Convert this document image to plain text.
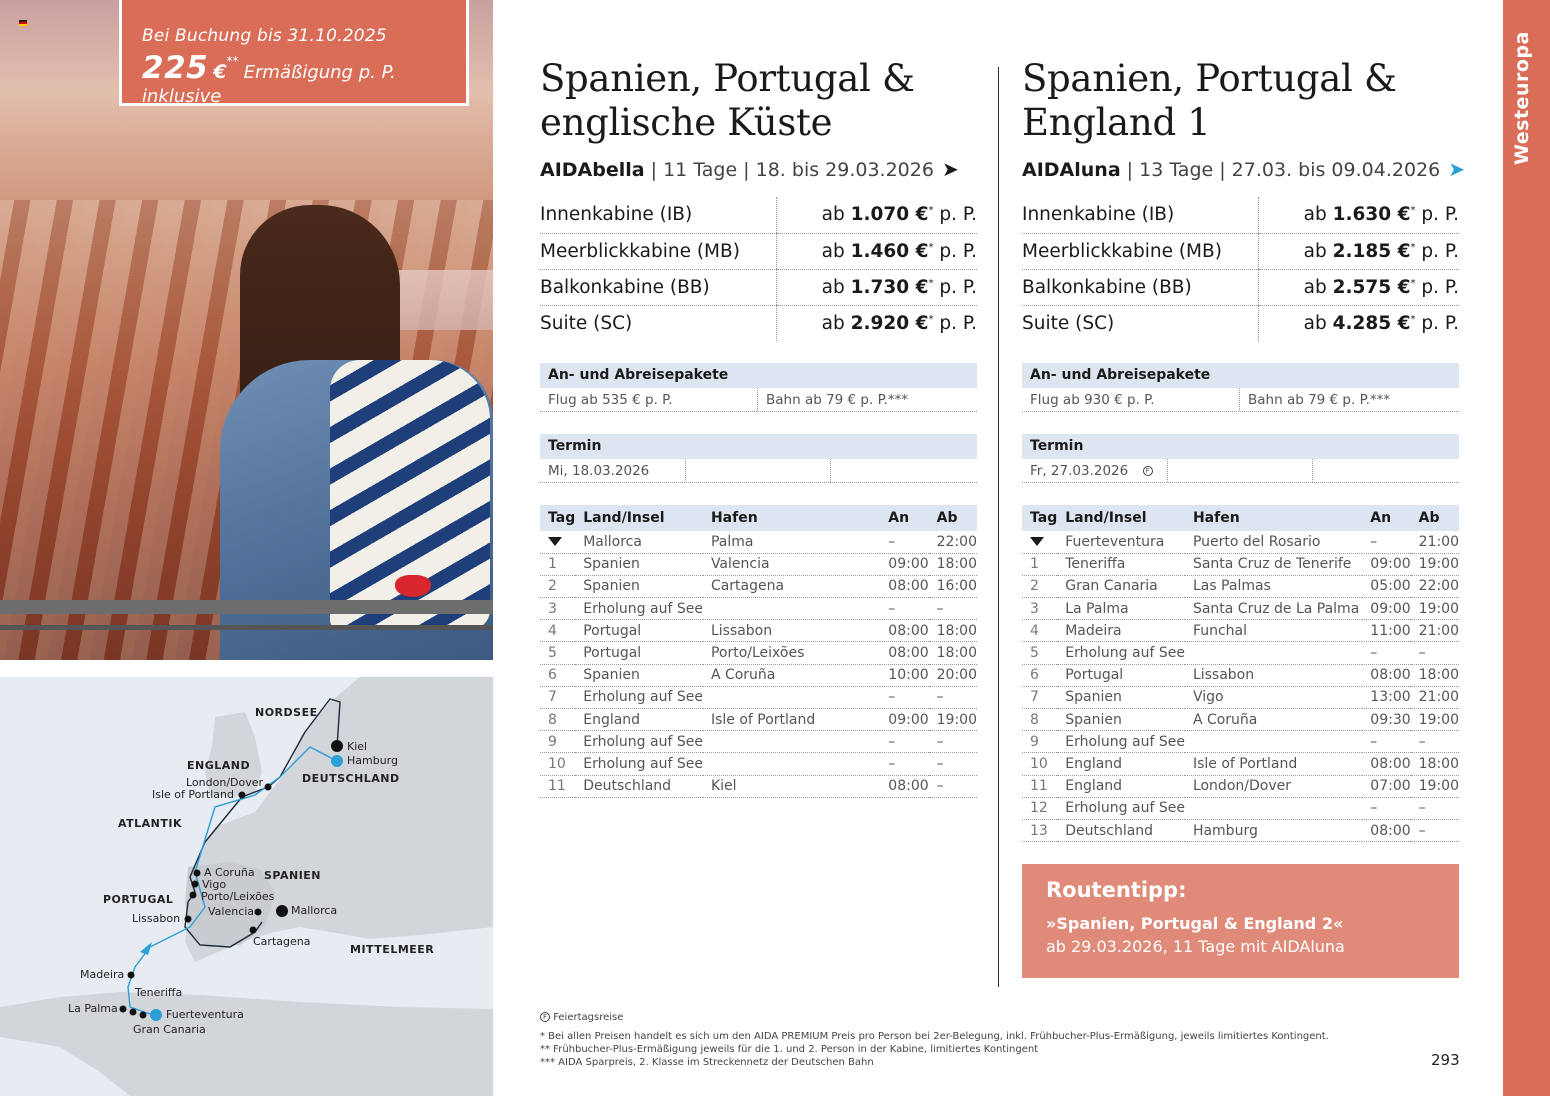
Bei Buchung bis 31.10.2025
225 €** Ermäßigung p. P. inklusive
NORDSEE
ENGLAND
DEUTSCHLAND
ATLANTIK
SPANIEN
PORTUGAL
MITTELMEER
Kiel
Hamburg
London/Dover
Isle of Portland
A Coruña
Vigo
Porto/Leixões
Lissabon
Valencia	Mallorca
Cartagena
Madeira
Teneriffa
La Palma	Fuerteventura
Gran Canaria
Westeuropa
Spanien, Portugal &
englische Küste
AIDAbella | 11 Tage | 18. bis 29.03.2026 ➤
Innenkabine (IB)	ab 1.070 €* p. P.
Meerblickkabine (MB)	ab 1.460 €* p. P.
Balkonkabine (BB)	ab 1.730 €* p. P.
Suite (SC)	ab 2.920 €* p. P.
An- und Abreisepakete
Flug ab 535 € p. P.	Bahn ab 79 € p. P.***
Termin
Mi, 18.03.2026
Tag	Land/Insel	Hafen	An	Ab
	Mallorca	Palma	–	22:00
1	Spanien	Valencia	09:00	18:00
2	Spanien	Cartagena	08:00	16:00
3	Erholung auf See		–	–
4	Portugal	Lissabon	08:00	18:00
5	Portugal	Porto/Leixões	08:00	18:00
6	Spanien	A Coruña	10:00	20:00
7	Erholung auf See		–	–
8	England	Isle of Portland	09:00	19:00
9	Erholung auf See		–	–
10	Erholung auf See		–	–
11	Deutschland	Kiel	08:00	–
Spanien, Portugal &
England 1
AIDAluna | 13 Tage | 27.03. bis 09.04.2026 ➤
Innenkabine (IB)	ab 1.630 €* p. P.
Meerblickkabine (MB)	ab 2.185 €* p. P.
Balkonkabine (BB)	ab 2.575 €* p. P.
Suite (SC)	ab 4.285 €* p. P.
An- und Abreisepakete
Flug ab 930 € p. P.	Bahn ab 79 € p. P.***
Termin
Fr, 27.03.2026 F
Tag	Land/Insel	Hafen	An	Ab
	Fuerteventura	Puerto del Rosario	–	21:00
1	Teneriffa	Santa Cruz de Tenerife	09:00	19:00
2	Gran Canaria	Las Palmas	05:00	22:00
3	La Palma	Santa Cruz de La Palma	09:00	19:00
4	Madeira	Funchal	11:00	21:00
5	Erholung auf See		–	–
6	Portugal	Lissabon	08:00	18:00
7	Spanien	Vigo	13:00	21:00
8	Spanien	A Coruña	09:30	19:00
9	Erholung auf See		–	–
10	England	Isle of Portland	08:00	18:00
11	England	London/Dover	07:00	19:00
12	Erholung auf See		–	–
13	Deutschland	Hamburg	08:00	–
Routentipp:
»Spanien, Portugal & England 2«
ab 29.03.2026, 11 Tage mit AIDAluna
F Feiertagsreise
* Bei allen Preisen handelt es sich um den AIDA PREMIUM Preis pro Person bei 2er-Belegung, inkl. Frühbucher-Plus-Ermäßigung, jeweils limitiertes Kontingent.
** Frühbucher-Plus-Ermäßigung jeweils für die 1. und 2. Person in der Kabine, limitiertes Kontingent
*** AIDA Sparpreis, 2. Klasse im Streckennetz der Deutschen Bahn	293
